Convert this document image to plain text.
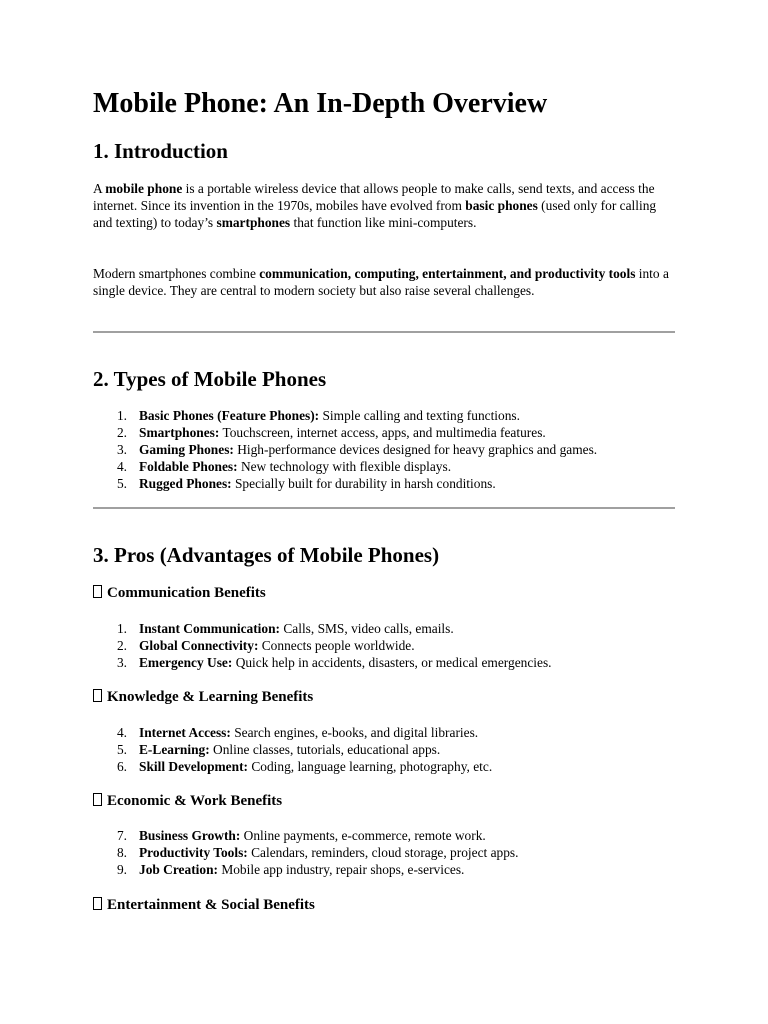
Mobile Phone: An In-Depth Overview
1. Introduction

A mobile phone is a portable wireless device that allows people to make calls, send texts, and access the internet. Since its invention in the 1970s, mobiles have evolved from basic phones (used only for calling and texting) to today’s smartphones that function like mini-computers.

Modern smartphones combine communication, computing, entertainment, and productivity tools into a single device. They are central to modern society but also raise several challenges.

2. Types of Mobile Phones
1. Basic Phones (Feature Phones): Simple calling and texting functions.
2. Smartphones: Touchscreen, internet access, apps, and multimedia features.
3. Gaming Phones: High-performance devices designed for heavy graphics and games.
4. Foldable Phones: New technology with flexible displays.
5. Rugged Phones: Specially built for durability in harsh conditions.
3. Pros (Advantages of Mobile Phones)
Communication Benefits
1. Instant Communication: Calls, SMS, video calls, emails.
2. Global Connectivity: Connects people worldwide.
3. Emergency Use: Quick help in accidents, disasters, or medical emergencies.
Knowledge & Learning Benefits
4. Internet Access: Search engines, e-books, and digital libraries.
5. E-Learning: Online classes, tutorials, educational apps.
6. Skill Development: Coding, language learning, photography, etc.
Economic & Work Benefits
7. Business Growth: Online payments, e-commerce, remote work.
8. Productivity Tools: Calendars, reminders, cloud storage, project apps.
9. Job Creation: Mobile app industry, repair shops, e-services.
Entertainment & Social Benefits
